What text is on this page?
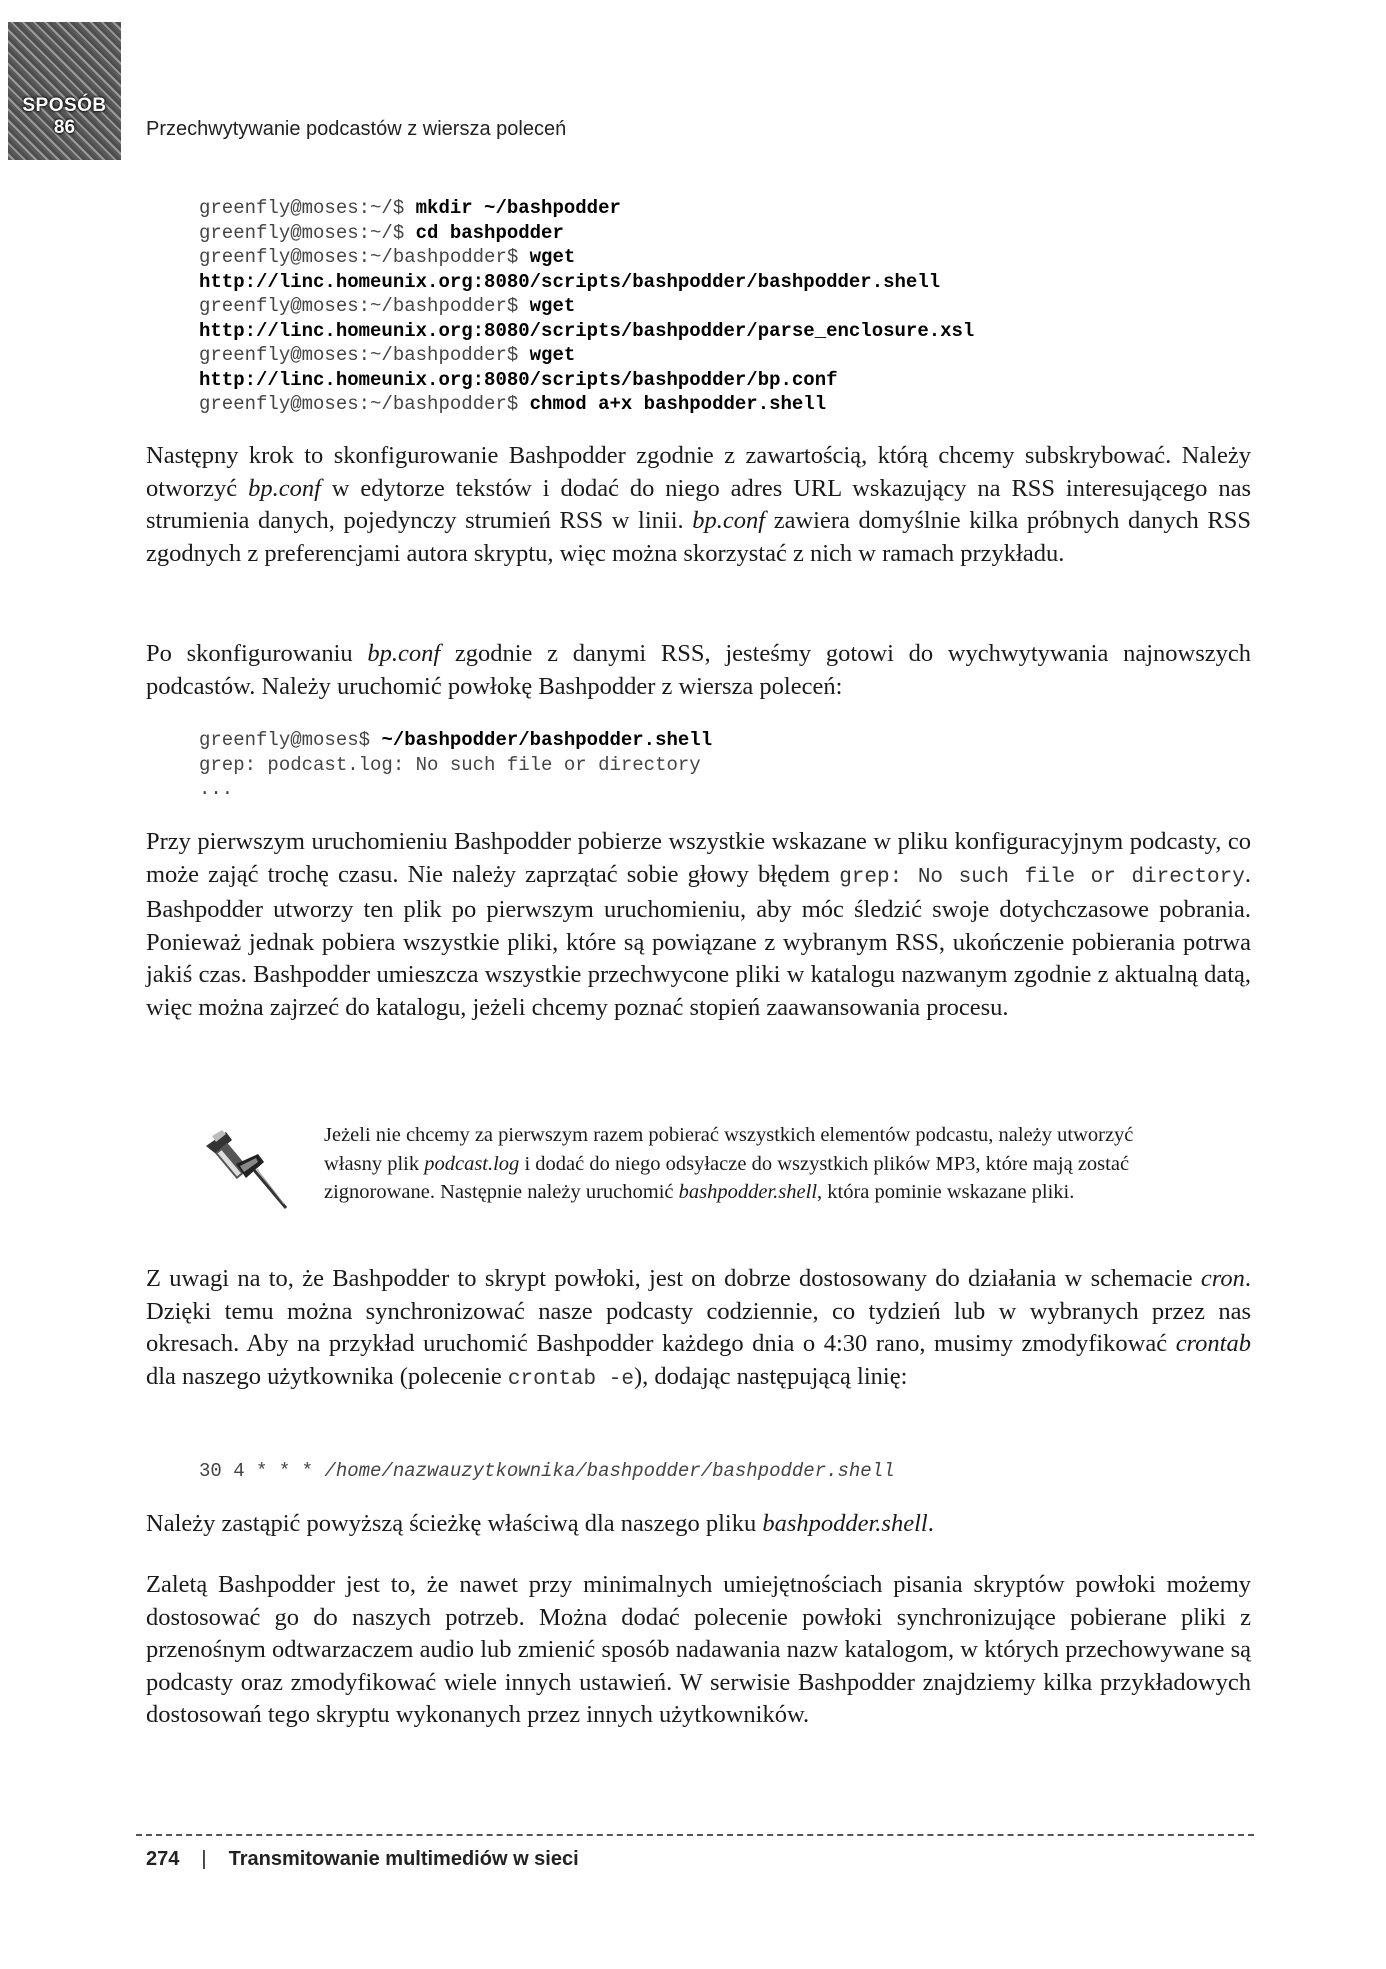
SPOSÓB
86	Przechwytywanie podcastów z wiersza poleceń
greenfly@moses:~/$ mkdir ~/bashpodder
greenfly@moses:~/$ cd bashpodder
greenfly@moses:~/bashpodder$ wget
http://linc.homeunix.org:8080/scripts/bashpodder/bashpodder.shell
greenfly@moses:~/bashpodder$ wget
http://linc.homeunix.org:8080/scripts/bashpodder/parse_enclosure.xsl
greenfly@moses:~/bashpodder$ wget
http://linc.homeunix.org:8080/scripts/bashpodder/bp.conf
greenfly@moses:~/bashpodder$ chmod a+x bashpodder.shell

Następny krok to skonfigurowanie Bashpodder zgodnie z zawartością, którą chcemy subskrybować. Należy otworzyć bp.conf w edytorze tekstów i dodać do niego adres URL wskazujący na RSS interesującego nas strumienia danych, pojedynczy strumień RSS w linii. bp.conf zawiera domyślnie kilka próbnych danych RSS zgodnych z preferencjami autora skryptu, więc można skorzystać z nich w ramach przykładu.

Po skonfigurowaniu bp.conf zgodnie z danymi RSS, jesteśmy gotowi do wychwytywania najnowszych podcastów. Należy uruchomić powłokę Bashpodder z wiersza poleceń:

greenfly@moses$ ~/bashpodder/bashpodder.shell
grep: podcast.log: No such file or directory
...

Przy pierwszym uruchomieniu Bashpodder pobierze wszystkie wskazane w pliku konfiguracyjnym podcasty, co może zająć trochę czasu. Nie należy zaprzątać sobie głowy błędem grep: No such file or directory. Bashpodder utworzy ten plik po pierwszym uruchomieniu, aby móc śledzić swoje dotychczasowe pobrania. Ponieważ jednak pobiera wszystkie pliki, które są powiązane z wybranym RSS, ukończenie pobierania potrwa jakiś czas. Bashpodder umieszcza wszystkie przechwycone pliki w katalogu nazwanym zgodnie z aktualną datą, więc można zajrzeć do katalogu, jeżeli chcemy poznać stopień zaawansowania procesu.

Jeżeli nie chcemy za pierwszym razem pobierać wszystkich elementów podcastu, należy utworzyć własny plik podcast.log i dodać do niego odsyłacze do wszystkich plików MP3, które mają zostać zignorowane. Następnie należy uruchomić bashpodder.shell, która pominie wskazane pliki.

Z uwagi na to, że Bashpodder to skrypt powłoki, jest on dobrze dostosowany do działania w schemacie cron. Dzięki temu można synchronizować nasze podcasty codziennie, co tydzień lub w wybranych przez nas okresach. Aby na przykład uruchomić Bashpodder każdego dnia o 4:30 rano, musimy zmodyfikować crontab dla naszego użytkownika (polecenie crontab -e), dodając następującą linię:

30 4 * * * /home/nazwauzytkownika/bashpodder/bashpodder.shell

Należy zastąpić powyższą ścieżkę właściwą dla naszego pliku bashpodder.shell.

Zaletą Bashpodder jest to, że nawet przy minimalnych umiejętnościach pisania skryptów powłoki możemy dostosować go do naszych potrzeb. Można dodać polecenie powłoki synchronizujące pobierane pliki z przenośnym odtwarzaczem audio lub zmienić sposób nadawania nazw katalogom, w których przechowywane są podcasty oraz zmodyfikować wiele innych ustawień. W serwisie Bashpodder znajdziemy kilka przykładowych dostosowań tego skryptu wykonanych przez innych użytkowników.

274 | Transmitowanie multimediów w sieci
